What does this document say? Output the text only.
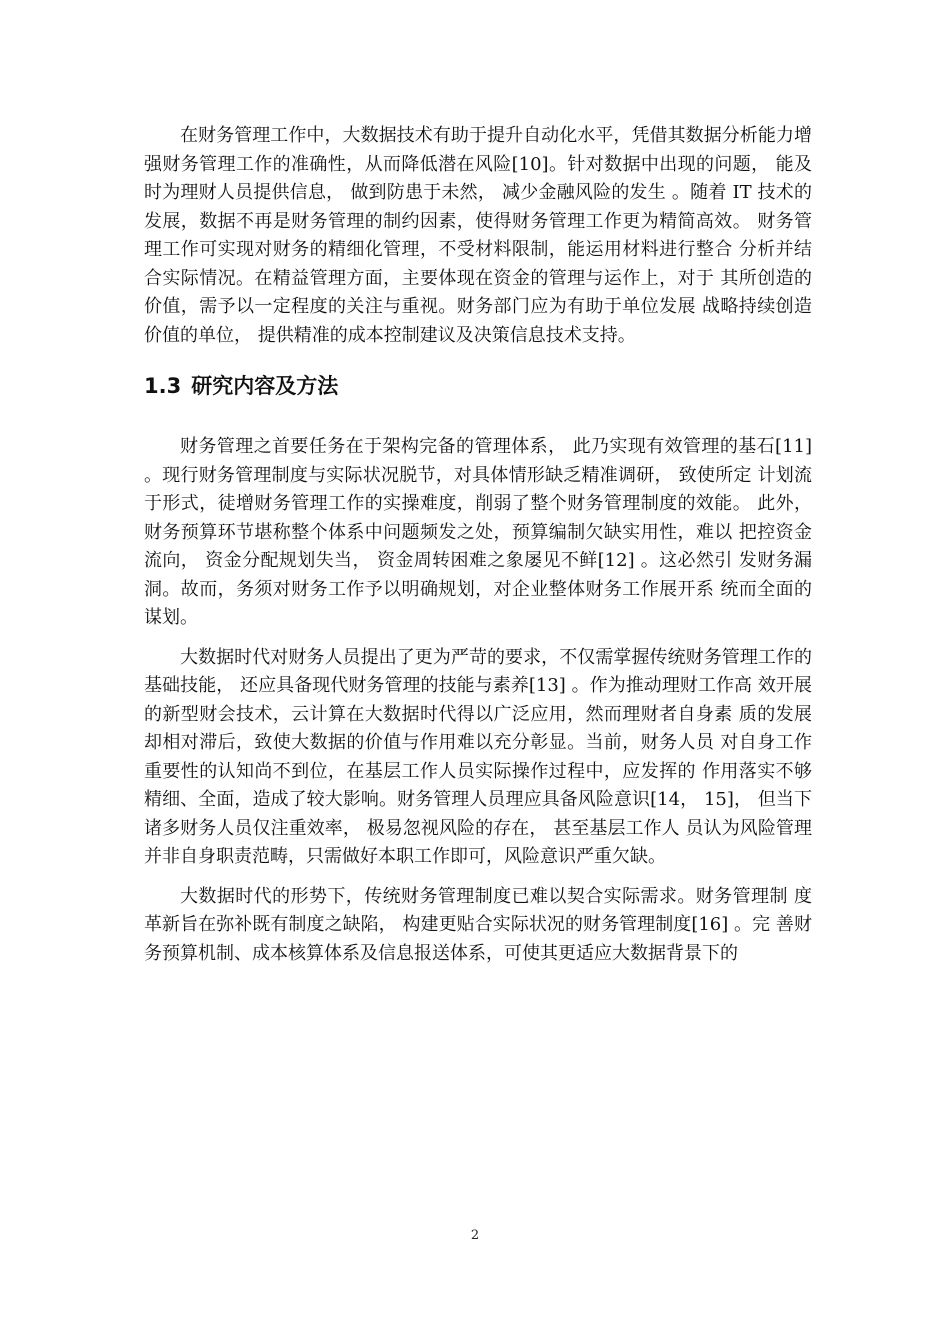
在财务管理工作中，大数据技术有助于提升自动化水平，凭借其数据分析能力增强财务管理工作的准确性，从而降低潜在风险[10]。针对数据中出现的问题， 能及时为理财人员提供信息， 做到防患于未然， 减少金融风险的发生 。随着 IT 技术的发展，数据不再是财务管理的制约因素，使得财务管理工作更为精简高效。 财务管理工作可实现对财务的精细化管理，不受材料限制，能运用材料进行整合 分析并结合实际情况。在精益管理方面，主要体现在资金的管理与运作上，对于 其所创造的价值，需予以一定程度的关注与重视。财务部门应为有助于单位发展 战略持续创造价值的单位， 提供精准的成本控制建议及决策信息技术支持。

1.3 研究内容及方法

财务管理之首要任务在于架构完备的管理体系， 此乃实现有效管理的基石[11] 。现行财务管理制度与实际状况脱节，对具体情形缺乏精准调研， 致使所定 计划流于形式，徒增财务管理工作的实操难度，削弱了整个财务管理制度的效能。 此外，财务预算环节堪称整个体系中问题频发之处，预算编制欠缺实用性，难以 把控资金流向， 资金分配规划失当， 资金周转困难之象屡见不鲜[12] 。这必然引 发财务漏洞。故而，务须对财务工作予以明确规划，对企业整体财务工作展开系 统而全面的谋划。

大数据时代对财务人员提出了更为严苛的要求，不仅需掌握传统财务管理工作的基础技能， 还应具备现代财务管理的技能与素养[13] 。作为推动理财工作高 效开展的新型财会技术，云计算在大数据时代得以广泛应用，然而理财者自身素 质的发展却相对滞后，致使大数据的价值与作用难以充分彰显。当前，财务人员 对自身工作重要性的认知尚不到位，在基层工作人员实际操作过程中，应发挥的 作用落实不够精细、全面，造成了较大影响。财务管理人员理应具备风险意识[14， 15]， 但当下诸多财务人员仅注重效率， 极易忽视风险的存在， 甚至基层工作人 员认为风险管理并非自身职责范畴，只需做好本职工作即可，风险意识严重欠缺。

大数据时代的形势下，传统财务管理制度已难以契合实际需求。财务管理制 度革新旨在弥补既有制度之缺陷， 构建更贴合实际状况的财务管理制度[16] 。完 善财务预算机制、成本核算体系及信息报送体系，可使其更适应大数据背景下的

2
